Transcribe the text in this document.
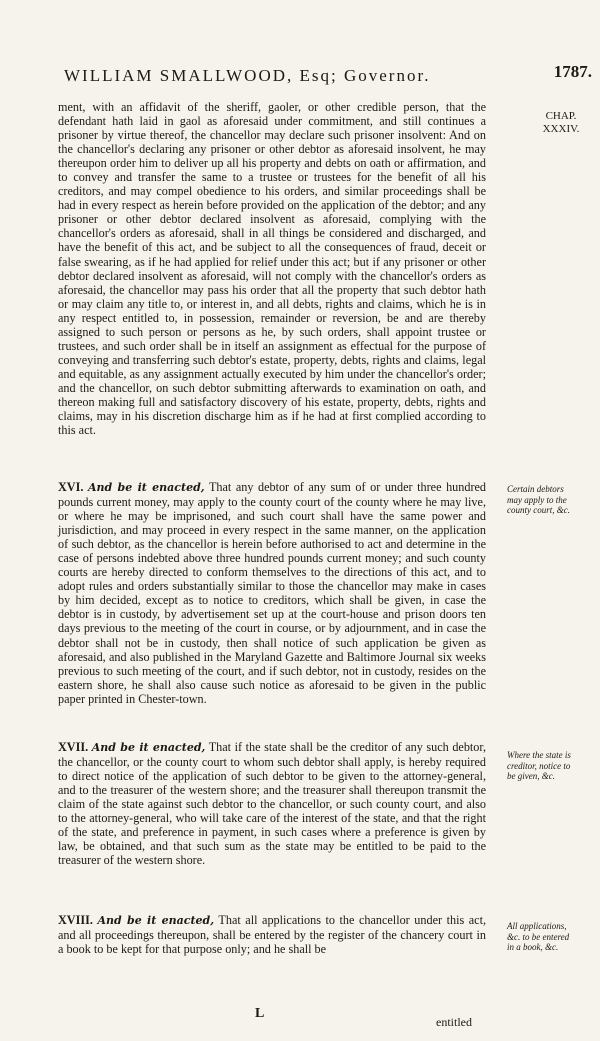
WILLIAM SMALLWOOD, Esq; Governor.	1787.
CHAP. XXXIV.

ment, with an affidavit of the sheriff, gaoler, or other credible person, that the defendant hath laid in gaol as aforesaid under commitment, and still continues a prisoner by virtue thereof, the chancellor may declare such prisoner insolvent: And on the chancellor's declaring any prisoner or other debtor as aforesaid insolvent, he may thereupon order him to deliver up all his property and debts on oath or affirmation, and to convey and transfer the same to a trustee or trustees for the benefit of all his creditors, and may compel obedience to his orders, and similar proceedings shall be had in every respect as herein before provided on the application of the debtor; and any prisoner or other debtor declared insolvent as aforesaid, complying with the chancellor's orders as aforesaid, shall in all things be considered and discharged, and have the benefit of this act, and be subject to all the consequences of fraud, deceit or false swearing, as if he had applied for relief under this act; but if any prisoner or other debtor declared insolvent as aforesaid, will not comply with the chancellor's orders as aforesaid, the chancellor may pass his order that all the property that such debtor hath or may claim any title to, or interest in, and all debts, rights and claims, which he is in any respect entitled to, in possession, remainder or reversion, be and are thereby assigned to such person or persons as he, by such orders, shall appoint trustee or trustees, and such order shall be in itself an assignment as effectual for the purpose of conveying and transferring such debtor's estate, property, debts, rights and claims, legal and equitable, as any assignment actually executed by him under the chancellor's order; and the chancellor, on such debtor submitting afterwards to examination on oath, and thereon making full and satisfactory discovery of his estate, property, debts, rights and claims, may in his discretion discharge him as if he had at first complied according to this act.

XVI. And be it enacted, That any debtor of any sum of or under three hundred pounds current money, may apply to the county court of the county where he may live, or where he may be imprisoned, and such court shall have the same power and jurisdiction, and may proceed in every respect in the same manner, on the application of such debtor, as the chancellor is herein before authorised to act and determine in the case of persons indebted above three hundred pounds current money; and such county courts are hereby directed to conform themselves to the directions of this act, and to adopt rules and orders substantially similar to those the chancellor may make in cases by him decided, except as to notice to creditors, which shall be given, in case the debtor is in custody, by advertisement set up at the court-house and prison doors ten days previous to the meeting of the court in course, or by adjournment, and in case the debtor shall not be in custody, then shall notice of such application be given as aforesaid, and also published in the Maryland Gazette and Baltimore Journal six weeks previous to such meeting of the court, and if such debtor, not in custody, resides on the eastern shore, he shall also cause such notice as aforesaid to be given in the public paper printed in Chester-town.

Certain debtors may apply to the county court, &c.

XVII. And be it enacted, That if the state shall be the creditor of any such debtor, the chancellor, or the county court to whom such debtor shall apply, is hereby required to direct notice of the application of such debtor to be given to the attorney-general, and to the treasurer of the western shore; and the treasurer shall thereupon transmit the claim of the state against such debtor to the chancellor, or such county court, and also to the attorney-general, who will take care of the interest of the state, and that the right of the state, and preference in payment, in such cases where a preference is given by law, be obtained, and that such sum as the state may be entitled to be paid to the treasurer of the western shore.

Where the state is creditor, notice to be given, &c.

XVIII. And be it enacted, That all applications to the chancellor under this act, and all proceedings thereupon, shall be entered by the register of the chancery court in a book to be kept for that purpose only; and he shall be

All applications, &c. to be entered in a book, &c.
L
entitled
